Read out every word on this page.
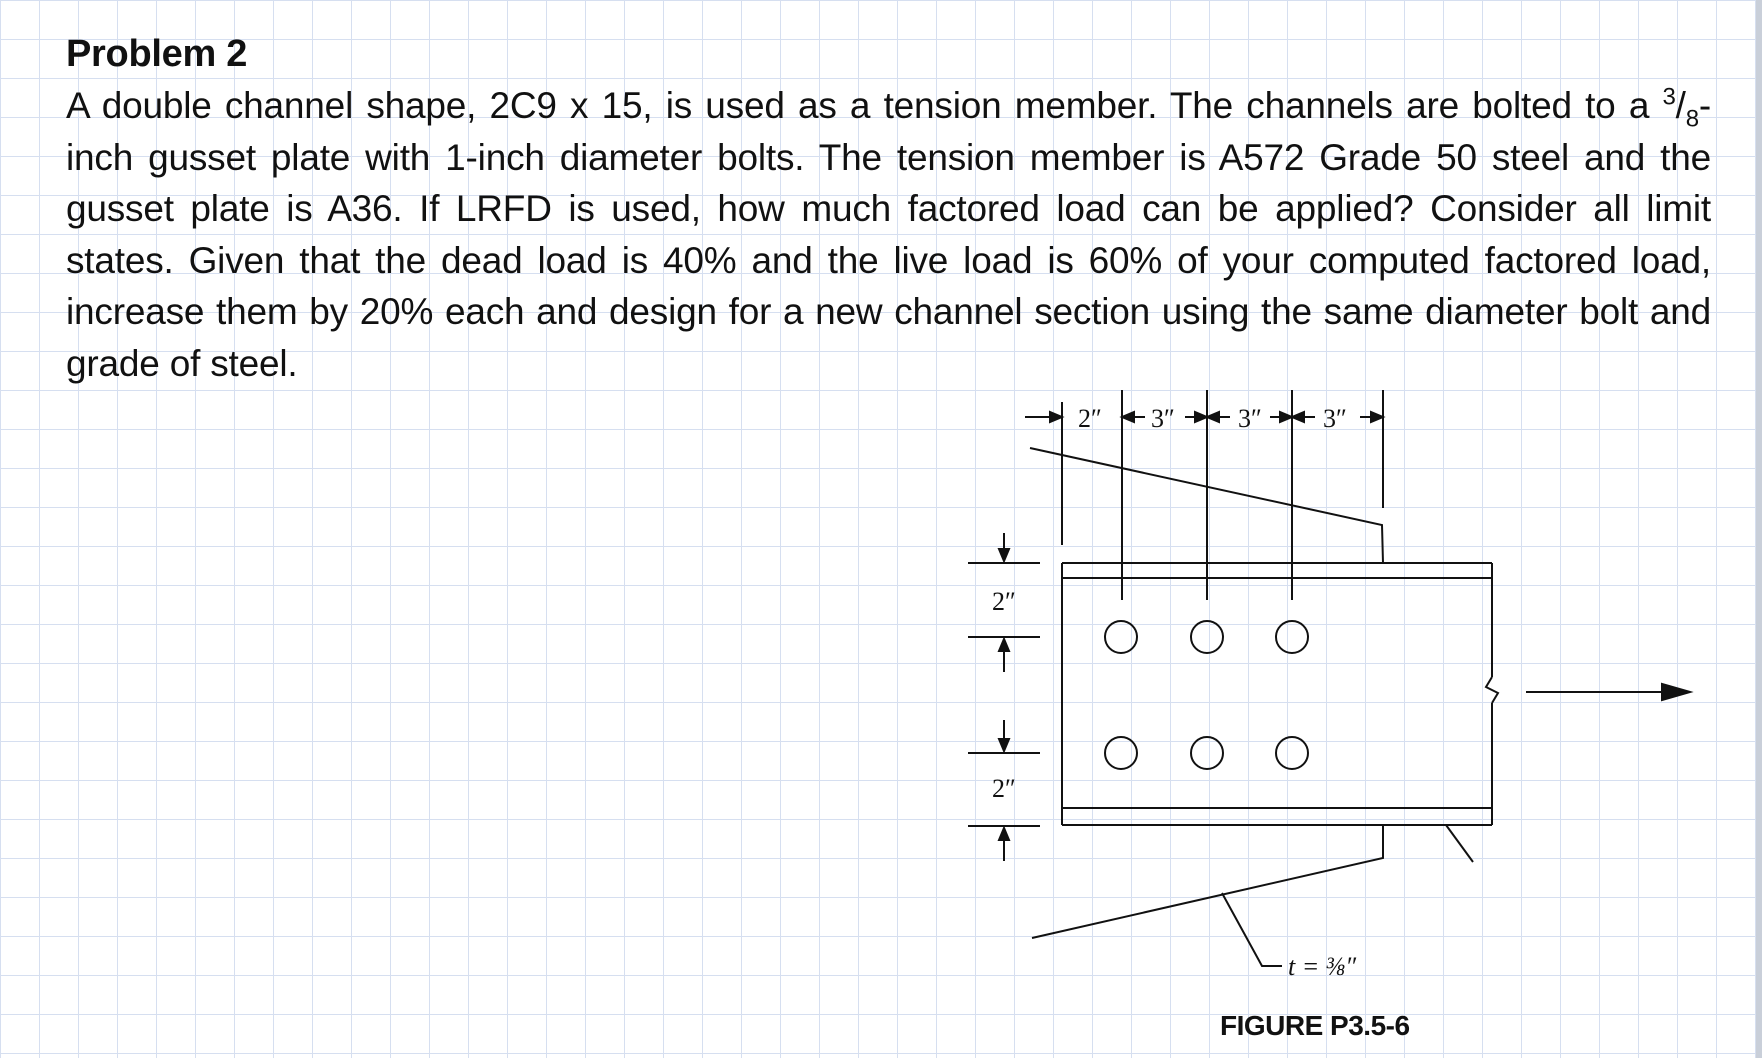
Problem 2
A double channel shape, 2C9 x 15, is used as a tension member. The channels are bolted to a $^3/_8$-inch gusset plate with 1-inch diameter bolts. The tension member is A572 Grade 50 steel and the gusset plate is A36. If LRFD is used, how much factored load can be applied? Consider all limit states. Given that the dead load is 40% and the live load is 60% of your computed factored load, increase them by 20% each and design for a new channel section using the same diameter bolt and grade of steel.
2″ 3″ 3″ 3″
2″
2″
t = ⅜″
FIGURE P3.5-6
